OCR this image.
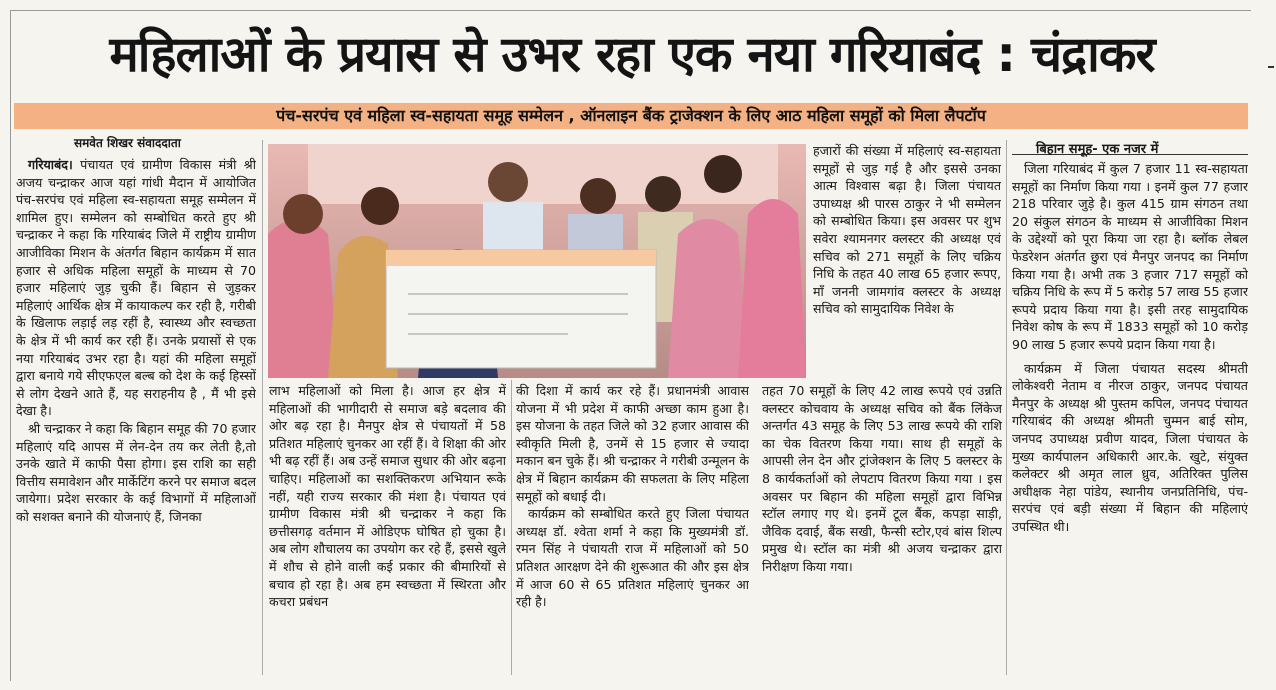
महिलाओं के प्रयास से उभर रहा एक नया गरियाबंद : चंद्राकर
पंच-सरपंच एवं महिला स्व-सहायता समूह सम्मेलन , ऑनलाइन बैंक ट्राजेक्शन के लिए आठ महिला समूहों को मिला लैपटॉप
समवेत शिखर संवाददाता

गरियाबंद। पंचायत एवं ग्रामीण विकास मंत्री श्री अजय चन्द्राकर आज यहां गांधी मैदान में आयोजित पंच-सरपंच एवं महिला स्व-सहायता समूह सम्मेलन में शामिल हुए। सम्मेलन को सम्बोधित करते हुए श्री चन्द्राकर ने कहा कि गरियाबंद जिले में राष्ट्रीय ग्रामीण आजीविका मिशन के अंतर्गत बिहान कार्यक्रम में सात हजार से अधिक महिला समूहों के माध्यम से 70 हजार महिलाएं जुड़ चुकी हैं। बिहान से जुड़कर महिलाएं आर्थिक क्षेत्र में कायाकल्प कर रही है, गरीबी के खिलाफ लड़ाई लड़ रहीं है, स्वास्थ्य और स्वच्छता के क्षेत्र में भी कार्य कर रही हैं। उनके प्रयासों से एक नया गरियाबंद उभर रहा है। यहां की महिला समूहों द्वारा बनाये गये सीएफएल बल्ब को देश के कई हिस्सों से लोग देखने आते हैं, यह सराहनीय है , मैं भी इसे देखा है।

श्री चन्द्राकर ने कहा कि बिहान समूह की 70 हजार महिलाएं यदि आपस में लेन-देन तय कर लेती है,तो उनके खाते में काफी पैसा होगा। इस राशि का सही वित्तीय समावेशन और मार्केटिंग करने पर समाज बदल जायेगा। प्रदेश सरकार के कई विभागों में महिलाओं को सशक्त बनाने की योजनाएं हैं, जिनका

लाभ महिलाओं को मिला है। आज हर क्षेत्र में महिलाओं की भागीदारी से समाज बड़े बदलाव की ओर बढ़ रहा है। मैनपुर क्षेत्र से पंचायतों में 58 प्रतिशत महिलाएं चुनकर आ रहीं हैं। वे शिक्षा की ओर भी बढ़ रहीं हैं। अब उन्हें समाज सुधार की ओर बढ़ना चाहिए। महिलाओं का सशक्तिकरण अभियान रूके नहीं, यही राज्य सरकार की मंशा है। पंचायत एवं ग्रामीण विकास मंत्री श्री चन्द्राकर ने कहा कि छत्तीसगढ़ वर्तमान में ओडिएफ घोषित हो चुका है। अब लोग शौचालय का उपयोग कर रहे हैं, इससे खुले में शौच से होने वाली कई प्रकार की बीमारियों से बचाव हो रहा है। अब हम स्वच्छता में स्थिरता और कचरा प्रबंधन

की दिशा में कार्य कर रहे हैं। प्रधानमंत्री आवास योजना में भी प्रदेश में काफी अच्छा काम हुआ है। इस योजना के तहत जिले को 32 हजार आवास की स्वीकृति मिली है, उनमें से 15 हजार से ज्यादा मकान बन चुके हैं। श्री चन्द्राकर ने गरीबी उन्मूलन के क्षेत्र में बिहान कार्यक्रम की सफलता के लिए महिला समूहों को बधाई दी।

कार्यक्रम को सम्बोधित करते हुए जिला पंचायत अध्यक्ष डॉ. श्वेता शर्मा ने कहा कि मुख्यमंत्री डॉ. रमन सिंह ने पंचायती राज में महिलाओं को 50 प्रतिशत आरक्षण देने की शुरूआत की और इस क्षेत्र में आज 60 से 65 प्रतिशत महिलाएं चुनकर आ रही है।

हजारों की संख्या में महिलाएं स्व-सहायता समूहों से जुड़ गई है और इससे उनका आत्म विश्वास बढ़ा है। जिला पंचायत उपाध्यक्ष श्री पारस ठाकुर ने भी सम्मेलन को सम्बोधित किया। इस अवसर पर शुभ सवेरा श्यामनगर क्लस्टर की अध्यक्ष एवं सचिव को 271 समूहों के लिए चक्रिय निधि के तहत 40 लाख 65 हजार रूपए, माँ जननी जामगांव क्लस्टर के अध्यक्ष सचिव को सामुदायिक निवेश के

तहत 70 समूहों के लिए 42 लाख रूपये एवं उन्नति क्लस्टर कोचवाय के अध्यक्ष सचिव को बैंक लिंकेज अन्तर्गत 43 समूह के लिए 53 लाख रूपये की राशि का चेक वितरण किया गया। साथ ही समूहों के आपसी लेन देन और ट्रांजेक्शन के लिए 5 क्लस्टर के 8 कार्यकर्ताओं को लेपटाप वितरण किया गया । इस अवसर पर बिहान की महिला समूहों द्वारा विभिन्न स्टॉल लगाए गए थे। इनमें टूल बैंक, कपड़ा साड़ी, जैविक दवाई, बैंक सखी, फैन्सी स्टोर,एवं बांस शिल्प प्रमुख थे। स्टॉल का मंत्री श्री अजय चन्द्राकर द्वारा निरीक्षण किया गया।

बिहान समूह- एक नजर में

जिला गरियाबंद में कुल 7 हजार 11 स्व-सहायता समूहों का निर्माण किया गया । इनमें कुल 77 हजार 218 परिवार जुड़े है। कुल 415 ग्राम संगठन तथा 20 संकुल संगठन के माध्यम से आजीविका मिशन के उद्देश्यों को पूरा किया जा रहा है। ब्लॉक लेबल फेडरेशन अंतर्गत छुरा एवं मैनपुर जनपद का निर्माण किया गया है। अभी तक 3 हजार 717 समूहों को चक्रिय निधि के रूप में 5 करोड़ 57 लाख 55 हजार रूपये प्रदाय किया गया है। इसी तरह सामुदायिक निवेश कोष के रूप में 1833 समूहों को 10 करोड़ 90 लाख 5 हजार रूपये प्रदान किया गया है।

कार्यक्रम में जिला पंचायत सदस्य श्रीमती लोकेश्वरी नेताम व नीरज ठाकुर, जनपद पंचायत मैनपुर के अध्यक्ष श्री पुस्तम कपिल, जनपद पंचायत गरियाबंद की अध्यक्ष श्रीमती चुम्मन बाई सोम, जनपद उपाध्यक्ष प्रवीण यादव, जिला पंचायत के मुख्य कार्यपालन अधिकारी आर.के. खुटे, संयुक्त कलेक्टर श्री अमृत लाल ध्रुव, अतिरिक्त पुलिस अधीक्षक नेहा पांडेय, स्थानीय जनप्रतिनिधि, पंच-सरपंच एवं बड़ी संख्या में बिहान की महिलाएं उपस्थित थी।
